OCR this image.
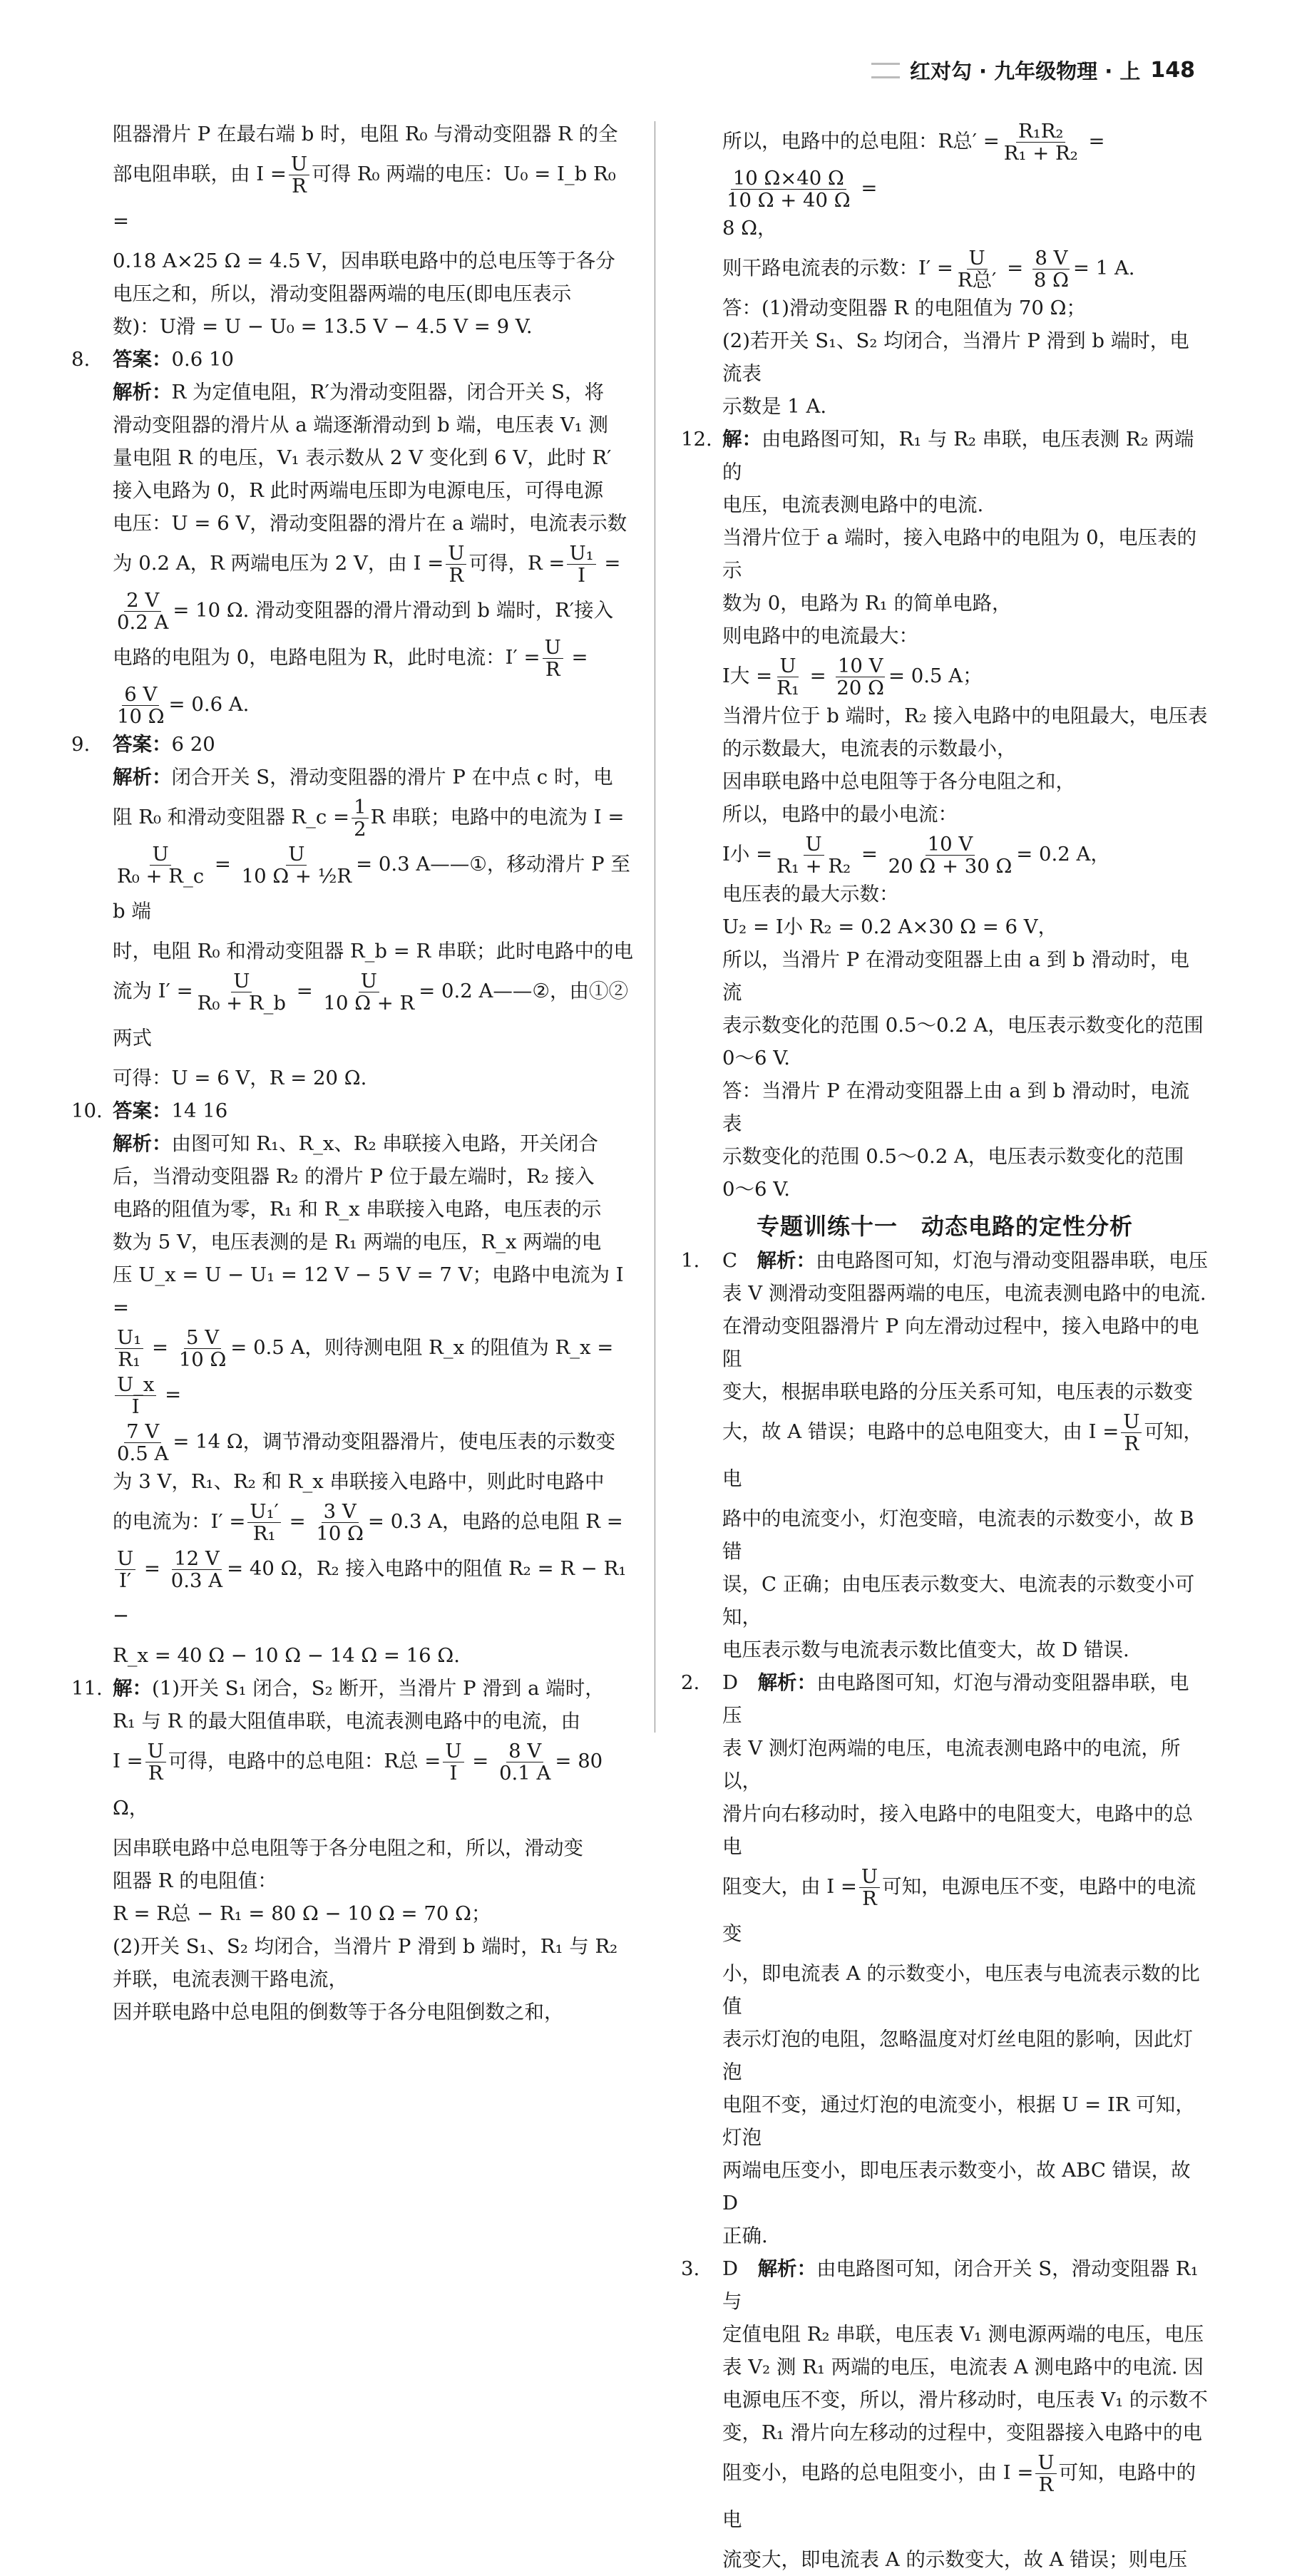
红对勾 · 九年级物理 · 上 148

阻器滑片 P 在最右端 b 时，电阻 R₀ 与滑动变阻器 R 的全

部电阻串联，由 $I = \frac{U}{R}$ 可得 R₀ 两端的电压：U₀ = I_b R₀ =

0.18 A×25 Ω = 4.5 V，因串联电路中的总电压等于各分

电压之和，所以，滑动变阻器两端的电压(即电压表示

数)：U滑 = U − U₀ = 13.5 V − 4.5 V = 9 V.

8. 答案：0.6 10

解析：R 为定值电阻，R′为滑动变阻器，闭合开关 S，将

滑动变阻器的滑片从 a 端逐渐滑动到 b 端，电压表 V₁ 测

量电阻 R 的电压，V₁ 表示数从 2 V 变化到 6 V，此时 R′

接入电路为 0，R 此时两端电压即为电源电压，可得电源

电压：U = 6 V，滑动变阻器的滑片在 a 端时，电流表示数

为 0.2 A，R 两端电压为 2 V，由 $I = \frac{U}{R}$ 可得，$R = \frac{\text{U₁}}{I}$ =

$\frac{2 V}{0.2 A} = 10$ Ω. 滑动变阻器的滑片滑动到 b 端时，R′接入

电路的电阻为 0，电路电阻为 R，此时电流：$I' = \frac{U}{R}$ =

$\frac{6 V}{10 \Omega} = 0.6$ A.

9. 答案：6 20

解析：闭合开关 S，滑动变阻器的滑片 P 在中点 c 时，电

阻 R₀ 和滑动变阻器 R_c = $\frac{1}{2}$ R 串联；电路中的电流为 I =

$\frac{U}{\text{R₀ + R\_c}} = \frac{U}{\text{10 Ω + ½R}} = 0.3$ A——①，移动滑片 P 至 b 端

时，电阻 R₀ 和滑动变阻器 R_b = R 串联；此时电路中的电

流为 $I' = \frac{U}{\text{R₀ + R\_b}} = \frac{U}{10 \Omega + R} = 0.2$ A——②，由①②两式

可得：U = 6 V，R = 20 Ω.

10. 答案：14 16

解析：由图可知 R₁、R_x、R₂ 串联接入电路，开关闭合

后，当滑动变阻器 R₂ 的滑片 P 位于最左端时，R₂ 接入

电路的阻值为零，R₁ 和 R_x 串联接入电路，电压表的示

数为 5 V，电压表测的是 R₁ 两端的电压，R_x 两端的电

压 U_x = U − U₁ = 12 V − 5 V = 7 V；电路中电流为 I =

$\frac{\text{U₁}}{\text{R₁}} = \frac{5 V}{10 \Omega} = 0.5$ A，则待测电阻 R_x 的阻值为 R_x =
$\frac{U\_x}{I}$ =

$\frac{7 V}{0.5 A} = 14$ Ω，调节滑动变阻器滑片，使电压表的示数变

为 3 V，R₁、R₂ 和 R_x 串联接入电路中，则此时电路中

的电流为：$I' = \frac{\text{U₁′}}{\text{R₁}} = \frac{3 V}{10 \Omega} = 0.3$ A，电路的总电阻 R =

$\frac{U}{I'} = \frac{12 V}{0.3 A} = 40$ Ω，R₂ 接入电路中的阻值 R₂ = R − R₁ −

R_x = 40 Ω − 10 Ω − 14 Ω = 16 Ω.

11. 解：(1)开关 S₁ 闭合，S₂ 断开，当滑片 P 滑到 a 端时，

R₁ 与 R 的最大阻值串联，电流表测电路中的电流，由

$I = \frac{U}{R}$ 可得，电路中的总电阻：R总 = $\frac{U}{I} = \frac{8 V}{0.1 A} = 80$ Ω，

因串联电路中总电阻等于各分电阻之和，所以，滑动变

阻器 R 的电阻值：

R = R总 − R₁ = 80 Ω − 10 Ω = 70 Ω；

(2)开关 S₁、S₂ 均闭合，当滑片 P 滑到 b 端时，R₁ 与 R₂

并联，电流表测干路电流，

因并联电路中总电阻的倒数等于各分电阻倒数之和，

所以，电路中的总电阻：R总′ = $\frac{\text{R₁R₂}}{\text{R₁ + R₂}}$ =
$\frac{10 \Omega\times 40 \Omega}{10 \Omega + 40 \Omega}$ =

8 Ω，

则干路电流表的示数：$I' = \frac{U}{\text{R总′}} = \frac{8 V}{8 \Omega} = 1$ A.

答：(1)滑动变阻器 R 的电阻值为 70 Ω；

(2)若开关 S₁、S₂ 均闭合，当滑片 P 滑到 b 端时，电流表

示数是 1 A.

12. 解：由电路图可知，R₁ 与 R₂ 串联，电压表测 R₂ 两端的

电压，电流表测电路中的电流.

当滑片位于 a 端时，接入电路中的电阻为 0，电压表的示

数为 0，电路为 R₁ 的简单电路，

则电路中的电流最大：

I大 = $\frac{U}{\text{R₁}} = \frac{10 V}{20 \Omega} = 0.5$ A；

当滑片位于 b 端时，R₂ 接入电路中的电阻最大，电压表

的示数最大，电流表的示数最小，

因串联电路中总电阻等于各分电阻之和，

所以，电路中的最小电流：

I小 = $\frac{U}{\text{R₁ + R₂}} = \frac{10 V}{20 \Omega + 30 \Omega} = 0.2$ A，

电压表的最大示数：

U₂ = I小 R₂ = 0.2 A×30 Ω = 6 V，

所以，当滑片 P 在滑动变阻器上由 a 到 b 滑动时，电流

表示数变化的范围 0.5～0.2 A，电压表示数变化的范围

0～6 V.

答：当滑片 P 在滑动变阻器上由 a 到 b 滑动时，电流表

示数变化的范围 0.5～0.2 A，电压表示数变化的范围

0～6 V.

专题训练十一　动态电路的定性分析

1. C　 解析：由电路图可知，灯泡与滑动变阻器串联，电压

表 V 测滑动变阻器两端的电压，电流表测电路中的电流.

在滑动变阻器滑片 P 向左滑动过程中，接入电路中的电阻

变大，根据串联电路的分压关系可知，电压表的示数变

大，故 A 错误；电路中的总电阻变大，由 $I = \frac{U}{R}$ 可知，电

路中的电流变小，灯泡变暗，电流表的示数变小，故 B 错

误，C 正确；由电压表示数变大、电流表的示数变小可知，

电压表示数与电流表示数比值变大，故 D 错误.

2. D　 解析：由电路图可知，灯泡与滑动变阻器串联，电压

表 V 测灯泡两端的电压，电流表测电路中的电流，所以，

滑片向右移动时，接入电路中的电阻变大，电路中的总电

阻变大，由 $I = \frac{U}{R}$ 可知，电源电压不变，电路中的电流变

小，即电流表 A 的示数变小，电压表与电流表示数的比值

表示灯泡的电阻，忽略温度对灯丝电阻的影响，因此灯泡

电阻不变，通过灯泡的电流变小，根据 U = IR 可知，灯泡

两端电压变小，即电压表示数变小，故 ABC 错误，故 D

正确.

3. D　 解析：由电路图可知，闭合开关 S，滑动变阻器 R₁ 与

定值电阻 R₂ 串联，电压表 V₁ 测电源两端的电压，电压

表 V₂ 测 R₁ 两端的电压，电流表 A 测电路中的电流. 因

电源电压不变，所以，滑片移动时，电压表 V₁ 的示数不

变，R₁ 滑片向左移动的过程中，变阻器接入电路中的电

阻变小，电路的总电阻变小，由 $I = \frac{U}{R}$ 可知，电路中的电

流变大，即电流表 A 的示数变大，故 A 错误；则电压
